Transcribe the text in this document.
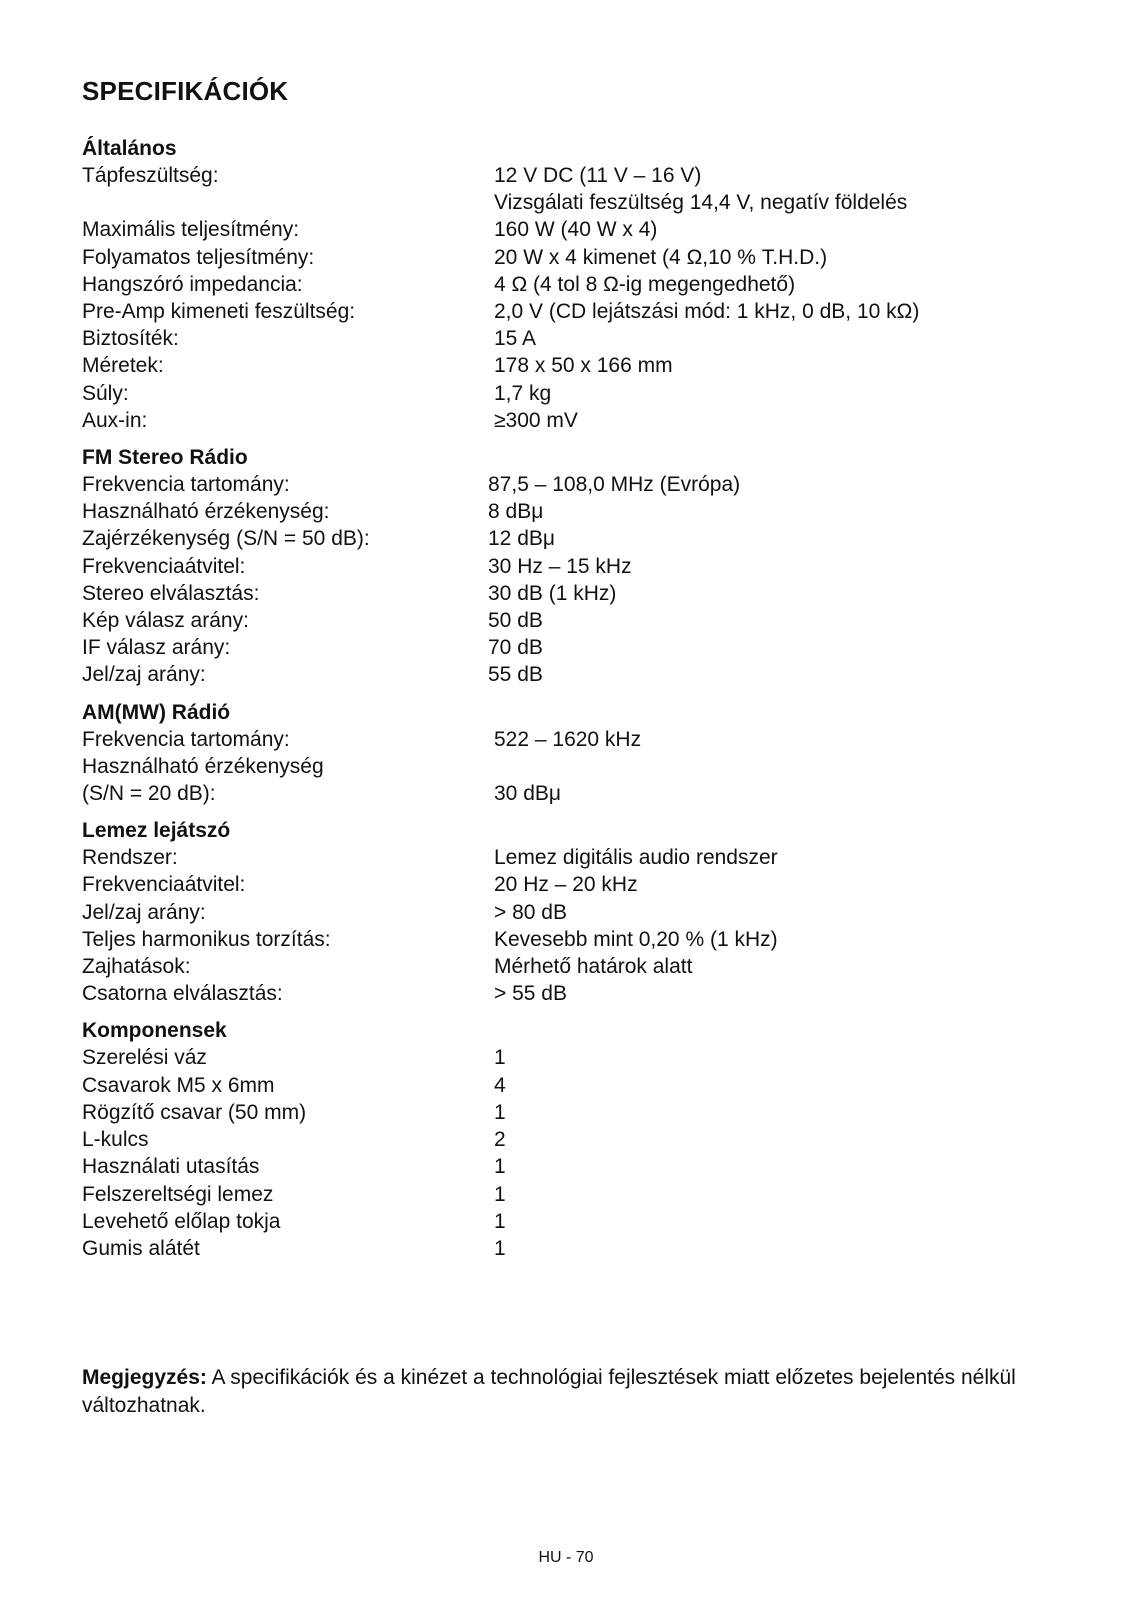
SPECIFIKÁCIÓK
Általános
Tápfeszültség:	12 V DC (11 V – 16 V)
Vizsgálati feszültség 14,4 V, negatív földelés
Maximális teljesítmény:	160 W (40 W x 4)
Folyamatos teljesítmény:	20 W x 4 kimenet (4 Ω,10 % T.H.D.)
Hangszóró impedancia:	4 Ω (4 tol 8 Ω-ig megengedhető)
Pre-Amp kimeneti feszültség:	2,0 V (CD lejátszási mód: 1 kHz, 0 dB, 10 kΩ)
Biztosíték:	15 A
Méretek:	178 x 50 x 166 mm
Súly:	1,7 kg
Aux-in:	≥300 mV
FM Stereo Rádio
Frekvencia tartomány:	87,5 – 108,0 MHz (Evrópa)
Használható érzékenység:	8 dBμ
Zajérzékenység (S/N = 50 dB):	12 dBμ
Frekvenciaátvitel:	30 Hz – 15 kHz
Stereo elválasztás:	30 dB (1 kHz)
Kép válasz arány:	50 dB
IF válasz arány:	70 dB
Jel/zaj arány:	55 dB
AM(MW) Rádió
Frekvencia tartomány:	522 – 1620 kHz
Használható érzékenység
(S/N = 20 dB):	30 dBμ
Lemez lejátszó
Rendszer:	Lemez digitális audio rendszer
Frekvenciaátvitel:	20 Hz – 20 kHz
Jel/zaj arány:	> 80 dB
Teljes harmonikus torzítás:	Kevesebb mint 0,20 % (1 kHz)
Zajhatások:	Mérhető határok alatt
Csatorna elválasztás:	> 55 dB
Komponensek
Szerelési váz	1
Csavarok M5 x 6mm	4
Rögzítő csavar (50 mm)	1
L-kulcs	2
Használati utasítás	1
Felszereltségi lemez	1
Levehető előlap tokja	1
Gumis alátét	1
Megjegyzés: A specifikációk és a kinézet a technológiai fejlesztések miatt előzetes bejelentés nélkül változhatnak.
HU - 70
